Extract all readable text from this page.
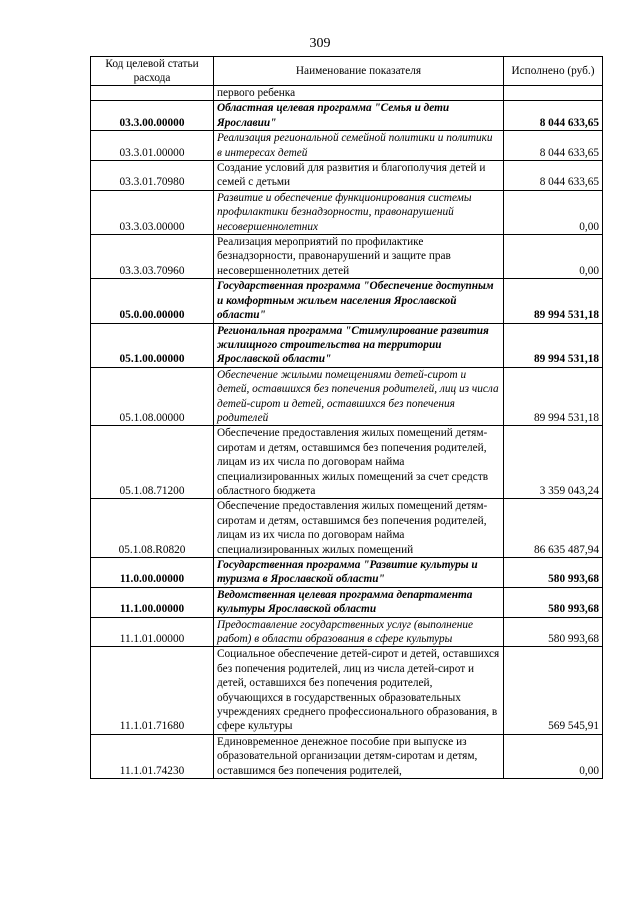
309
Код целевой статьи расхода	Наименование показателя	Исполнено (руб.)
	первого ребенка	
03.3.00.00000	Областная целевая программа "Семья и дети Ярославии"	8 044 633,65
03.3.01.00000	Реализация региональной семейной политики и политики в интересах детей	8 044 633,65
03.3.01.70980	Создание условий для развития и благополучия детей и семей с детьми	8 044 633,65
03.3.03.00000	Развитие и обеспечение функционирования системы профилактики безнадзорности, правонарушений несовершеннолетних	0,00
03.3.03.70960	Реализация мероприятий по профилактике безнадзорности, правонарушений и защите прав несовершеннолетних детей	0,00
05.0.00.00000	Государственная программа "Обеспечение доступным и комфортным жильем населения Ярославской области"	89 994 531,18
05.1.00.00000	Региональная программа "Стимулирование развития жилищного строительства на территории Ярославской области"	89 994 531,18
05.1.08.00000	Обеспечение жилыми помещениями детей-сирот и детей, оставшихся без попечения родителей, лиц из числа детей-сирот и детей, оставшихся без попечения родителей	89 994 531,18
05.1.08.71200	Обеспечение предоставления жилых помещений детям-сиротам и детям, оставшимся без попечения родителей, лицам из их числа по договорам найма специализированных жилых помещений за счет средств областного бюджета	3 359 043,24
05.1.08.R0820	Обеспечение предоставления жилых помещений детям-сиротам и детям, оставшимся без попечения родителей, лицам из их числа по договорам найма специализированных жилых помещений	86 635 487,94
11.0.00.00000	Государственная программа "Развитие культуры и туризма в Ярославской области"	580 993,68
11.1.00.00000	Ведомственная целевая программа департамента культуры Ярославской области	580 993,68
11.1.01.00000	Предоставление государственных услуг (выполнение работ) в области образования в сфере культуры	580 993,68
11.1.01.71680	Социальное обеспечение детей-сирот и детей, оставшихся без попечения родителей, лиц из числа детей-сирот и детей, оставшихся без попечения родителей, обучающихся в государственных образовательных учреждениях среднего профессионального образования, в сфере культуры	569 545,91
11.1.01.74230	Единовременное денежное пособие при выпуске из образовательной организации детям-сиротам и детям, оставшимся без попечения родителей,	0,00
